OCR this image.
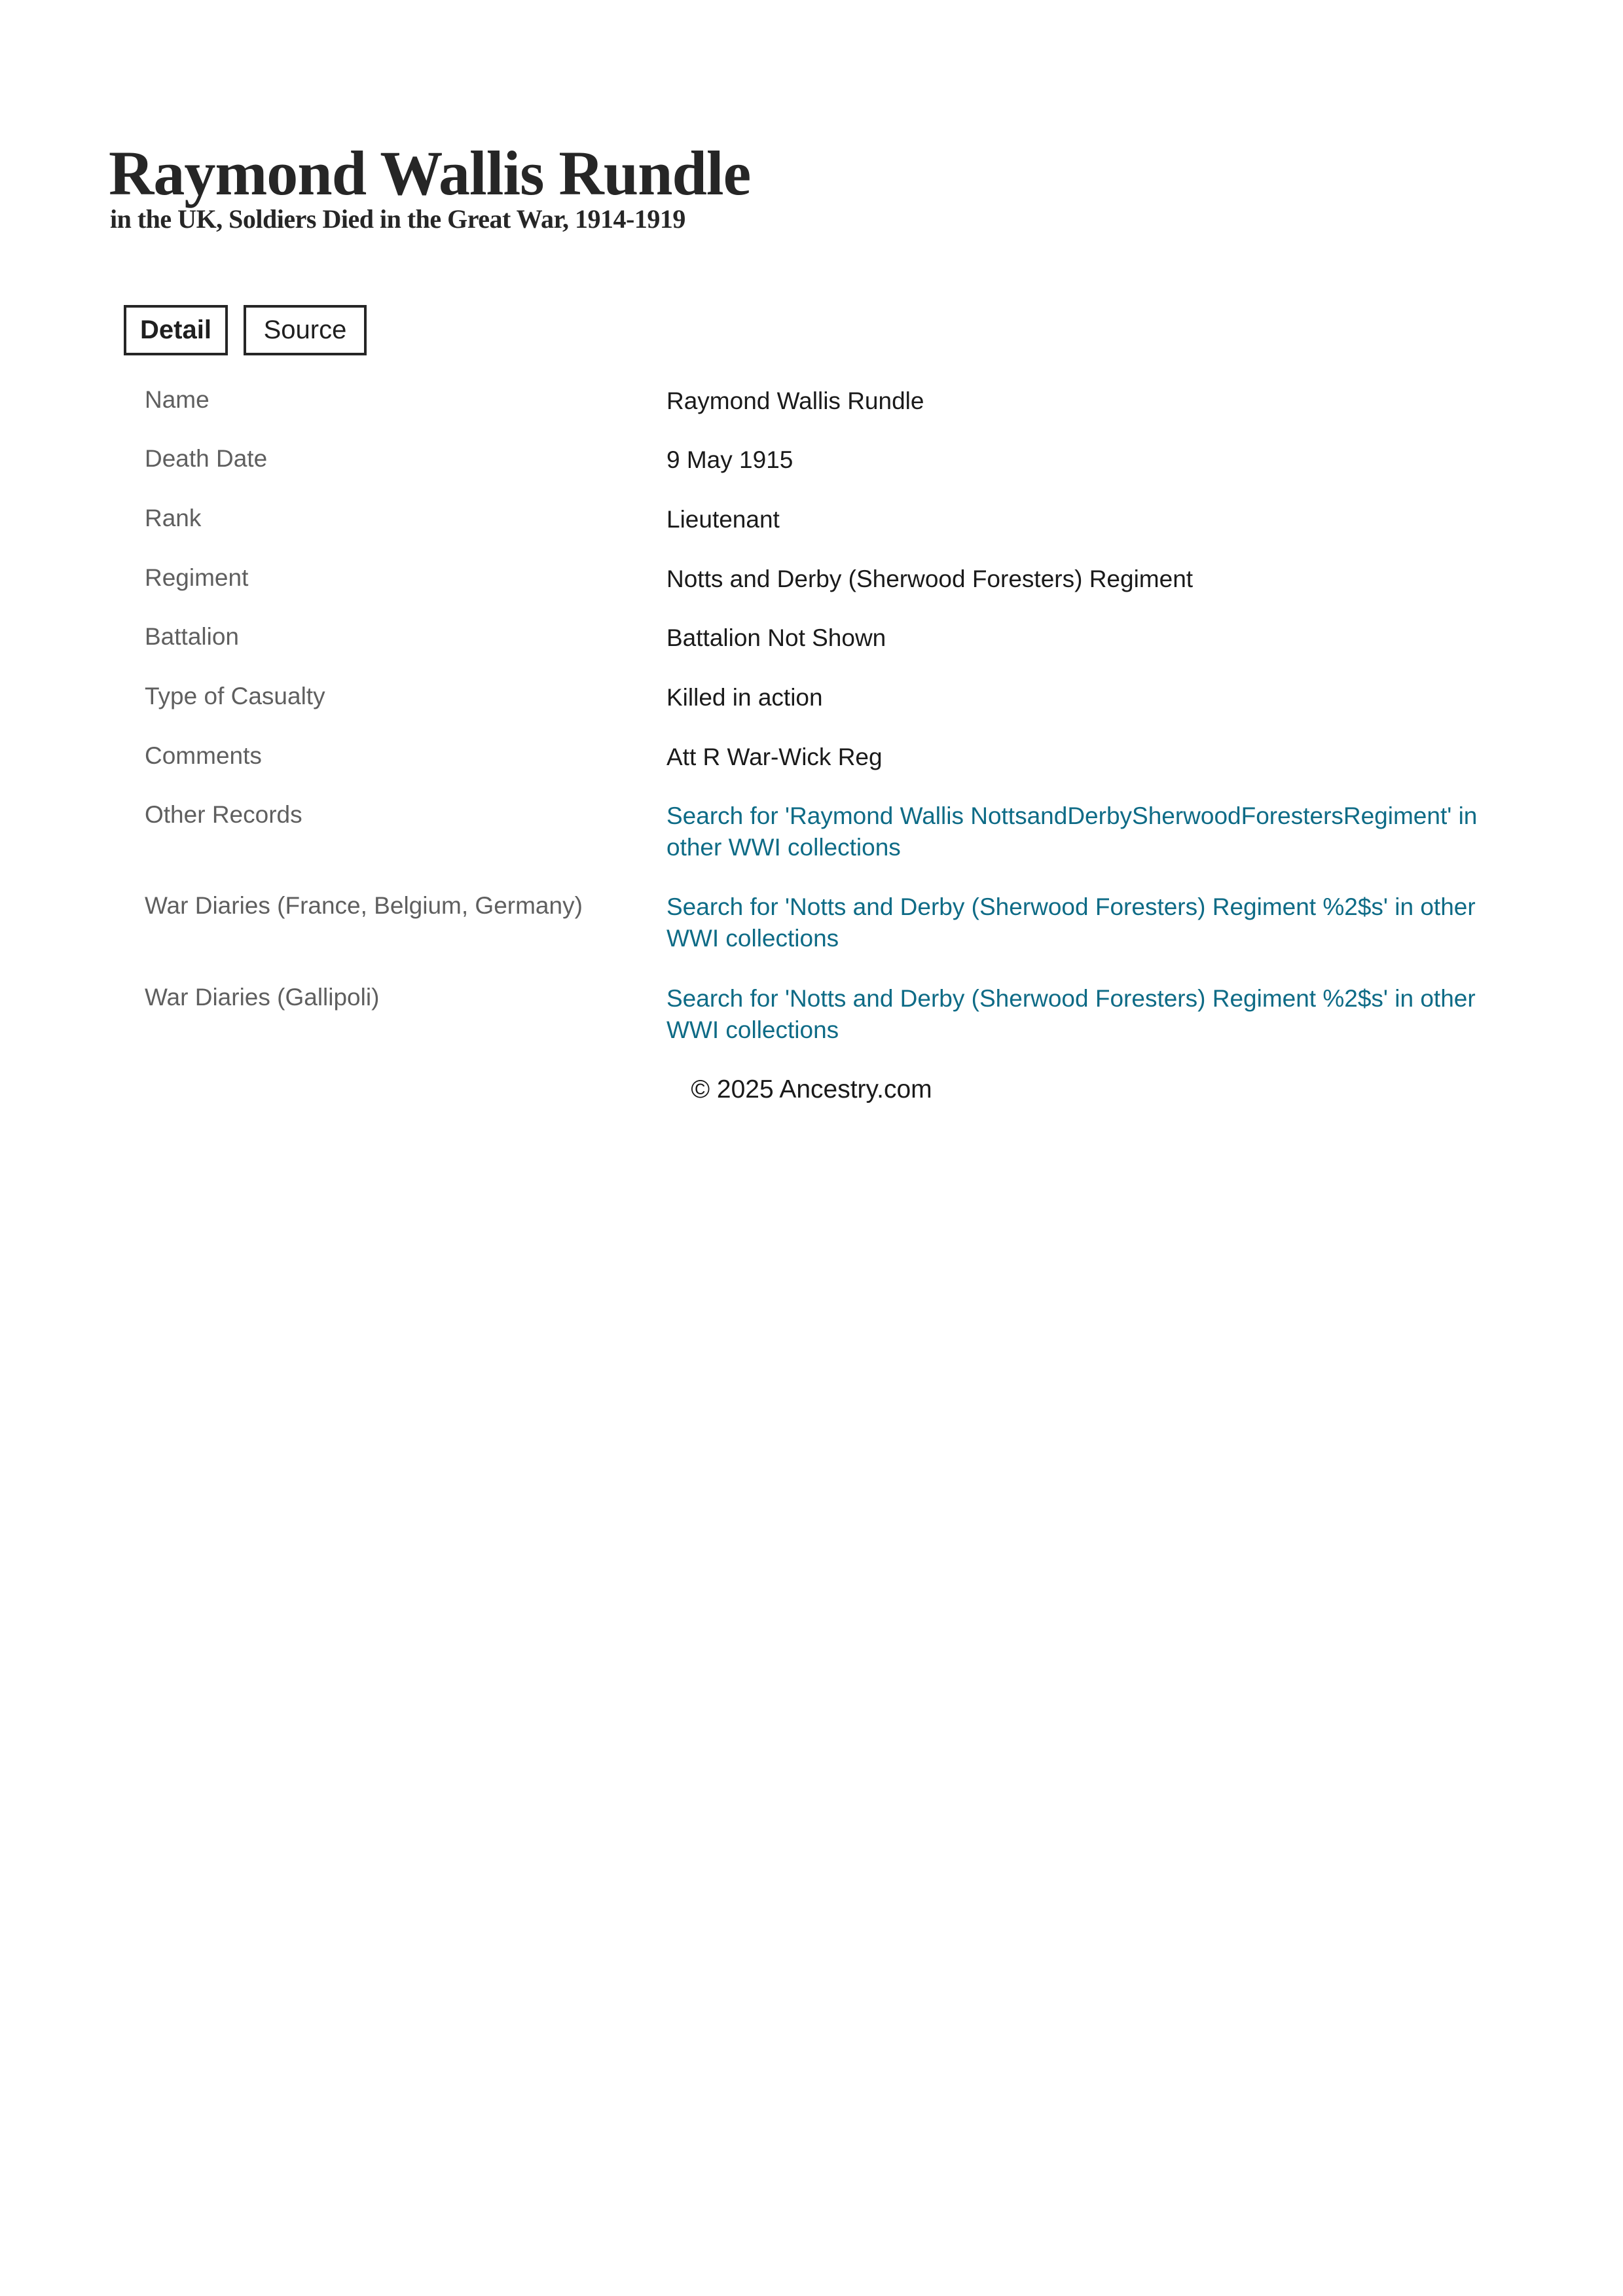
Raymond Wallis Rundle
in the UK, Soldiers Died in the Great War, 1914-1919
Detail	Source
Name	Raymond Wallis Rundle
Death Date	9 May 1915
Rank	Lieutenant
Regiment	Notts and Derby (Sherwood Foresters) Regiment
Battalion	Battalion Not Shown
Type of Casualty	Killed in action
Comments	Att R War-Wick Reg
Other Records	Search for 'Raymond Wallis NottsandDerbySherwoodForestersRegiment' in other WWI collections
War Diaries (France, Belgium, Germany)	Search for 'Notts and Derby (Sherwood Foresters) Regiment %2$s' in other WWI collections
War Diaries (Gallipoli)	Search for 'Notts and Derby (Sherwood Foresters) Regiment %2$s' in other WWI collections
© 2025 Ancestry.com
